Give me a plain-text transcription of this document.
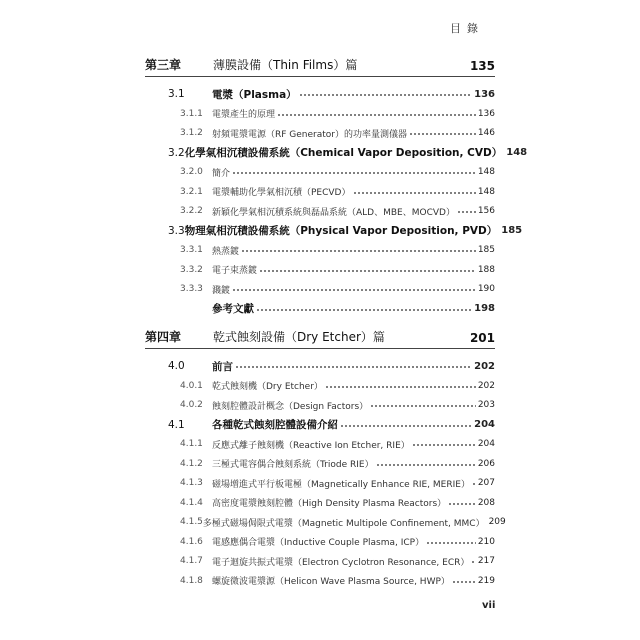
目錄
第三章	薄膜設備（Thin Films）篇	135
3.1	電漿（Plasma）	136
3.1.1	電漿產生的原理	136
3.1.2	射頻電漿電源（RF Generator）的功率量測儀器	146
3.2 化學氣相沉積設備系統（Chemical Vapor Deposition, CVD） 148
3.2.0	簡介	148
3.2.1	電漿輔助化學氣相沉積（PECVD）	148
3.2.2	新穎化學氣相沉積系統與磊晶系統（ALD、MBE、MOCVD）	156
3.3 物理氣相沉積設備系統（Physical Vapor Deposition, PVD） 185
3.3.1	熱蒸鍍	185
3.3.2	電子束蒸鍍	188
3.3.3	濺鍍	190
參考文獻	198
第四章	乾式蝕刻設備（Dry Etcher）篇	201
4.0	前言	202
4.0.1	乾式蝕刻機（Dry Etcher）	202
4.0.2	蝕刻腔體設計概念（Design Factors）	203
4.1	各種乾式蝕刻腔體設備介紹	204
4.1.1	反應式離子蝕刻機（Reactive Ion Etcher, RIE）	204
4.1.2	三極式電容偶合蝕刻系統（Triode RIE）	206
4.1.3	磁場增進式平行板電極（Magnetically Enhance RIE, MERIE） 207
4.1.4	高密度電漿蝕刻腔體（High Density Plasma Reactors）	208
4.1.5 多極式磁場侷限式電漿（Magnetic Multipole Confinement, MMC） 209
4.1.6	電感應偶合電漿（Inductive Couple Plasma, ICP）	210
4.1.7	電子迴旋共振式電漿（Electron Cyclotron Resonance, ECR） 217
4.1.8	螺旋微波電漿源（Helicon Wave Plasma Source, HWP）	219
vii
